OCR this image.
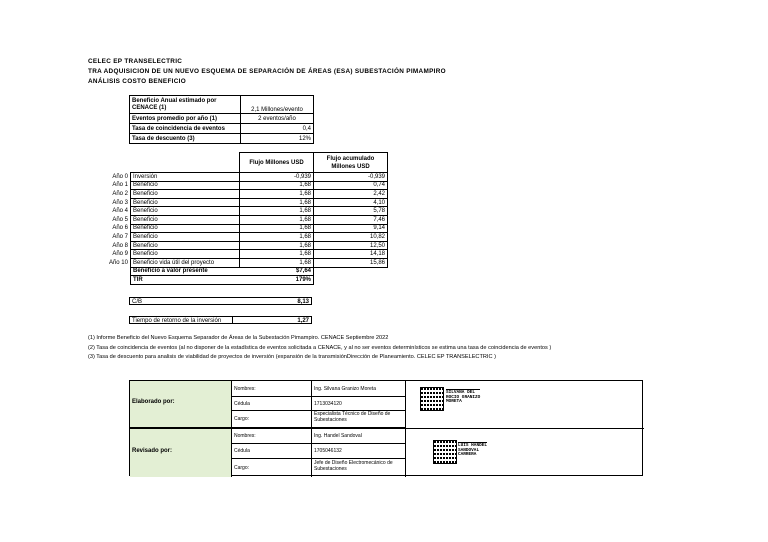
CELEC EP TRANSELECTRIC
TRA ADQUISICION DE UN NUEVO ESQUEMA DE SEPARACIÓN DE ÁREAS (ESA) SUBESTACIÓN PIMAMPIRO
ANÁLISIS COSTO BENEFICIO
Beneficio Anual estimado por CENACE (1)	2,1 Millones/evento
Eventos promedio por año (1)	2 eventos/año
Tasa de coincidencia de eventos	0,4
Tasa de descuento (3)	12%
		Flujo Millones USD	Flujo acumulado Millones USD
Año 0	Inversión	-0,939	-0,939
Año 1	Beneficio	1,68	0,74
Año 2	Beneficio	1,68	2,42
Año 3	Beneficio	1,68	4,10
Año 4	Beneficio	1,68	5,78
Año 5	Beneficio	1,68	7,46
Año 6	Beneficio	1,68	9,14
Año 7	Beneficio	1,68	10,82
Año 8	Beneficio	1,68	12,50
Año 9	Beneficio	1,68	14,18
Año 10	Beneficio vida útil del proyecto	1,68	15,86
	Beneficio a valor presente	$7,64	
	TIR	179%	
C/B	8,13
Tiempo de retorno de la inversión	1,27
(1) Informe Beneficio del Nuevo Esquema Separador de Áreas de la Subestación Pimampiro. CENACE Septiembre 2022
(2) Tasa de coincidencia de eventos (al no disponer de la estadística de eventos solicitada a CENACE, y al no ser eventos determinísticos se estima una tasa de coincidencia de eventos )
(3) Tasa de descuento para analisis de viabilidad de proyectos de inversión (expansión de la transmisiónDirección de Planeamiento. CELEC EP TRANSELECTRIC )
Elaborado por:
Nombres:	Ing. Silvana Granizo Moreta
Cédula	1713034120
Cargo:
Especialista Técnico de Diseño de Subestaciones
SILVANA DEL
ROCIO GRANIZO
MORETA
Revisado por:
Nombres:	Ing. Handel Sandoval
Cédula	1705046132
Cargo:
Jefe de Diseño Electromecánico de Subestaciones
LUIS HANDEL
SANDOVAL
CARRERA
